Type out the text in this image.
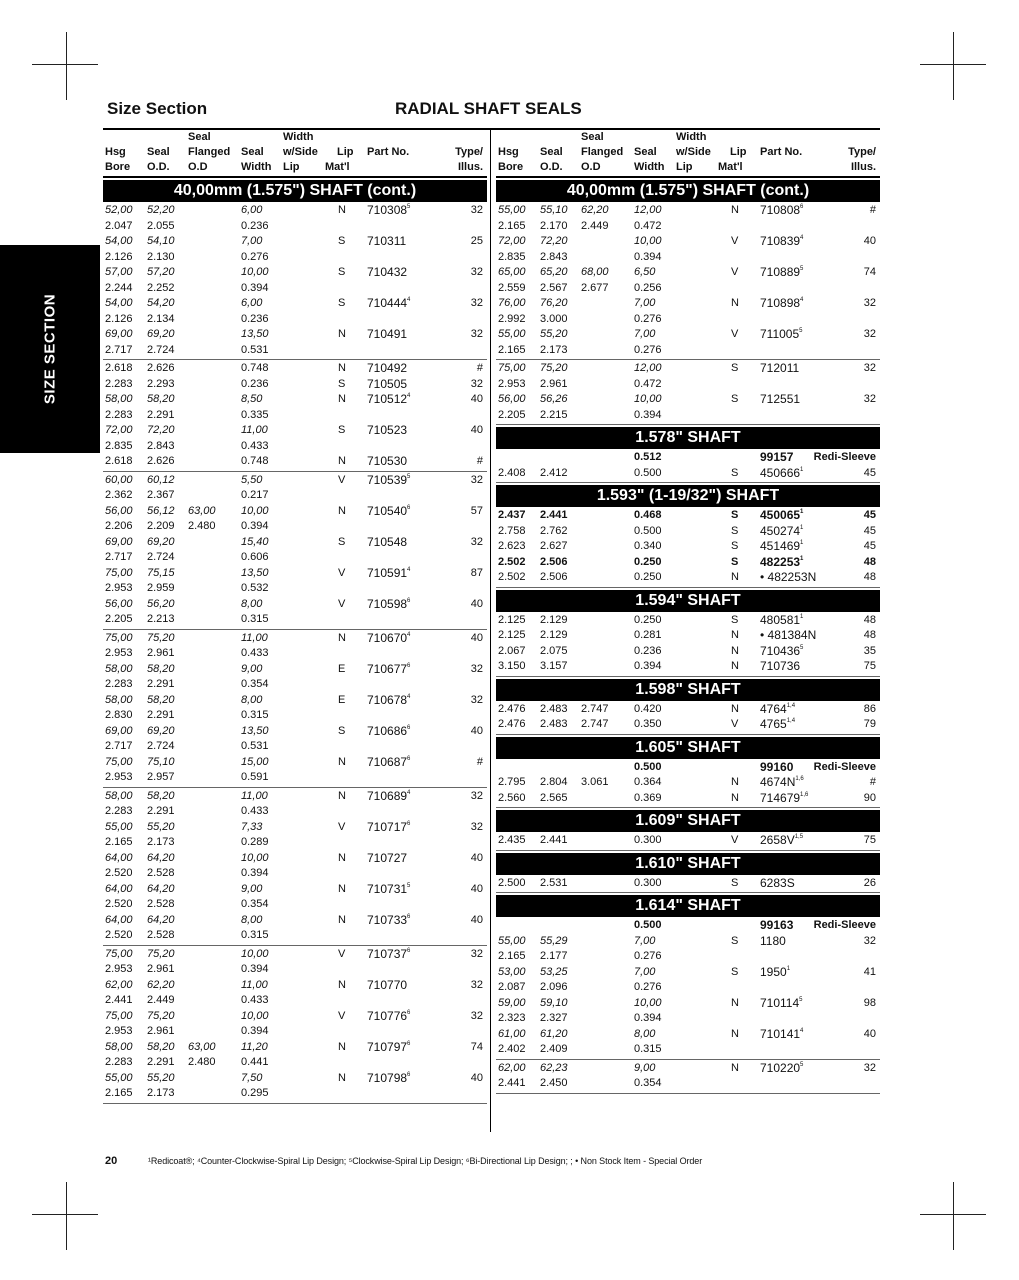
SIZE SECTION
Size Section	RADIAL SHAFT SEALS
Seal	Width
Hsg Seal Flanged Seal w/Side Lip Part No.	Type/
Bore O.D. O.D	Width Lip Mat'l	Illus.
40,00mm (1.575") SHAFT (cont.)
52,00 52,20	6,00	N 710308$^5$	32
2.047 2.055	0.236
54,00 54,10	7,00	S 710311	25
2.126 2.130	0.276
57,00 57,20	10,00	S 710432	32
2.244 2.252	0.394
54,00 54,20	6,00	S 710444$^4$	32
2.126 2.134	0.236
69,00 69,20	13,50	N 710491	32
2.717 2.724	0.531
2.618 2.626	0.748	N 710492	#
2.283 2.293	0.236	S 710505	32
58,00 58,20	8,50	N 710512$^4$	40
2.283 2.291	0.335
72,00 72,20	11,00	S 710523	40
2.835 2.843	0.433
2.618 2.626	0.748	N 710530	#
60,00 60,12	5,50	V 710539$^5$	32
2.362 2.367	0.217
56,00 56,12 63,00 10,00	N 710540$^6$	57
2.206 2.209 2.480 0.394
69,00 69,20	15,40	S 710548	32
2.717 2.724	0.606
75,00 75,15	13,50	V 710591$^4$	87
2.953 2.959	0.532
56,00 56,20	8,00	V 710598$^6$	40
2.205 2.213	0.315
75,00 75,20	11,00	N 710670$^4$	40
2.953 2.961	0.433
58,00 58,20	9,00	E 710677$^6$	32
2.283 2.291	0.354
58,00 58,20	8,00	E 710678$^4$	32
2.830 2.291	0.315
69,00 69,20	13,50	S 710686$^6$	40
2.717 2.724	0.531
75,00 75,10	15,00	N 710687$^6$	#
2.953 2.957	0.591
58,00 58,20	11,00	N 710689$^4$	32
2.283 2.291	0.433
55,00 55,20	7,33	V 710717$^6$	32
2.165 2.173	0.289
64,00 64,20	10,00	N 710727	40
2.520 2.528	0.394
64,00 64,20	9,00	N 710731$^5$	40
2.520 2.528	0.354
64,00 64,20	8,00	N 710733$^6$	40
2.520 2.528	0.315
75,00 75,20	10,00	V 710737$^6$	32
2.953 2.961	0.394
62,00 62,20	11,00	N 710770	32
2.441 2.449	0.433
75,00 75,20	10,00	V 710776$^6$	32
2.953 2.961	0.394
58,00 58,20 63,00 11,20	N 710797$^6$	74
2.283 2.291 2.480 0.441
55,00 55,20	7,50	N 710798$^6$	40
2.165 2.173	0.295
Seal	Width
Hsg Seal Flanged Seal w/Side Lip Part No.	Type/
Bore O.D. O.D	Width Lip Mat'l	Illus.
40,00mm (1.575") SHAFT (cont.)
55,00 55,10 62,20 12,00	N 710808$^6$	#
2.165 2.170 2.449 0.472
72,00 72,20	10,00	V 710839$^4$	40
2.835 2.843	0.394
65,00 65,20 68,00 6,50	V 710889$^5$	74
2.559 2.567 2.677 0.256
76,00 76,20	7,00	N 710898$^4$	32
2.992 3.000	0.276
55,00 55,20	7,00	V 711005$^5$	32
2.165 2.173	0.276
75,00 75,20	12,00	S 712011	32
2.953 2.961	0.472
56,00 56,26	10,00	S 712551	32
2.205 2.215	0.394
1.578" SHAFT
0.512	99157 Redi-Sleeve
2.408 2.412	0.500	S 450666$^1$	45
1.593" (1-19/32") SHAFT
2.437 2.441	0.468	S 450065$^1$	45
2.758 2.762	0.500	S 450274$^1$	45
2.623 2.627	0.340	S 451469$^1$	45
2.502 2.506	0.250	S 482253$^1$	48
2.502 2.506	0.250	N • 482253N	48
1.594" SHAFT
2.125 2.129	0.250	S 480581$^1$	48
2.125 2.129	0.281	N • 481384N	48
2.067 2.075	0.236	N 710436$^5$	35
3.150 3.157	0.394	N 710736	75
1.598" SHAFT
2.476 2.483 2.747 0.420	N 4764$^{1,4}$	86
2.476 2.483 2.747 0.350	V 4765$^{1,4}$	79
1.605" SHAFT
0.500	99160 Redi-Sleeve
2.795 2.804 3.061 0.364	N $4674N^{1,6}$	#
2.560 2.565	0.369	N 714679$^{1,6}$	90
1.609" SHAFT
2.435 2.441	0.300	V $2658V^{1,5}$	75
1.610" SHAFT
2.500 2.531	0.300	S 6283S	26
1.614" SHAFT
0.500	99163 Redi-Sleeve
55,00 55,29	7,00	S 1180	32
2.165 2.177	0.276
53,00 53,25	7,00	S 1950$^1$	41
2.087 2.096	0.276
59,00 59,10	10,00	N 710114$^5$	98
2.323 2.327	0.394
61,00 61,20	8,00	N 710141$^4$	40
2.402 2.409	0.315
62,00 62,23	9,00	N 710220$^5$	32
2.441 2.450	0.354
20	¹Redicoat®; ⁴Counter-Clockwise-Spiral Lip Design; ⁵Clockwise-Spiral Lip Design; ⁶Bi-Directional Lip Design; ; • Non Stock Item - Special Order
